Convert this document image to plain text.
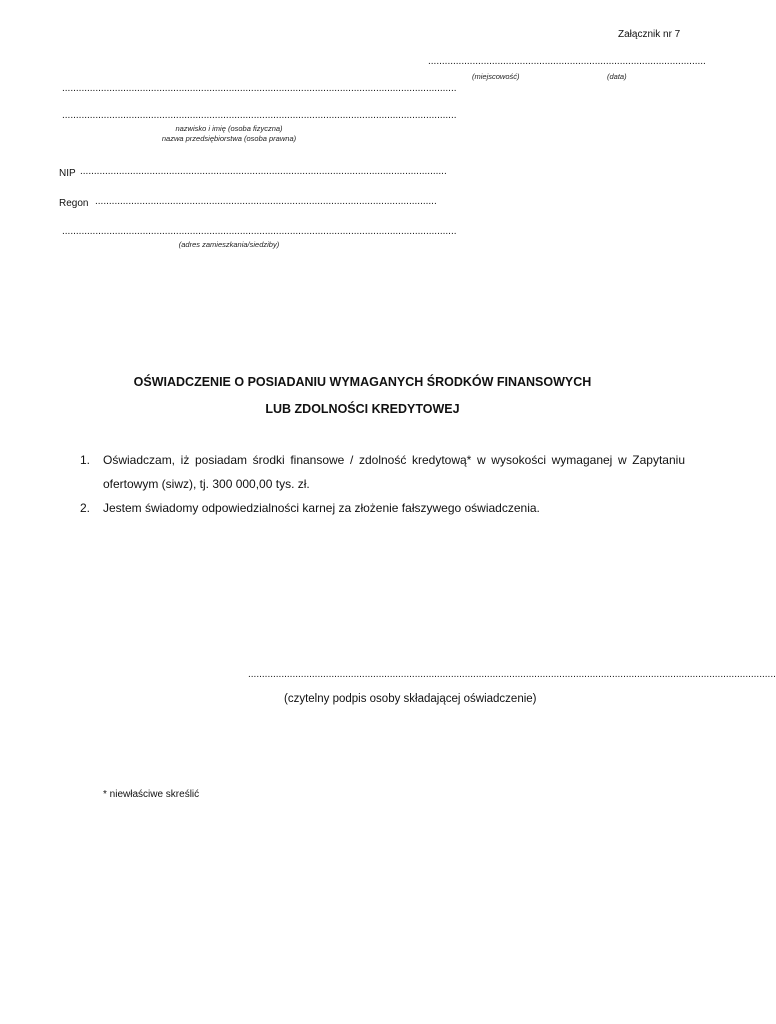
Załącznik nr 7
....................................................................................................
(miejscowość)	(data)
..............................................................................................................................................
..............................................................................................................................................
nazwisko i imię (osoba fizyczna)
nazwa przedsiębiorstwa (osoba prawna)
NIP ....................................................................................................................................
Regon ...........................................................................................................................
..............................................................................................................................................
(adres zamieszkania/siedziby)
OŚWIADCZENIE O POSIADANIU WYMAGANYCH ŚRODKÓW FINANSOWYCH
LUB ZDOLNOŚCI KREDYTOWEJ
1. Oświadczam, iż posiadam środki finansowe / zdolność kredytową* w wysokości wymaganej w Zapytaniu
ofertowym (siwz), tj. 300 000,00 tys. zł.
2. Jestem świadomy odpowiedzialności karnej za złożenie fałszywego oświadczenia.
..............................................................................................................................................................................................
(czytelny podpis osoby składającej oświadczenie)
* niewłaściwe skreślić
